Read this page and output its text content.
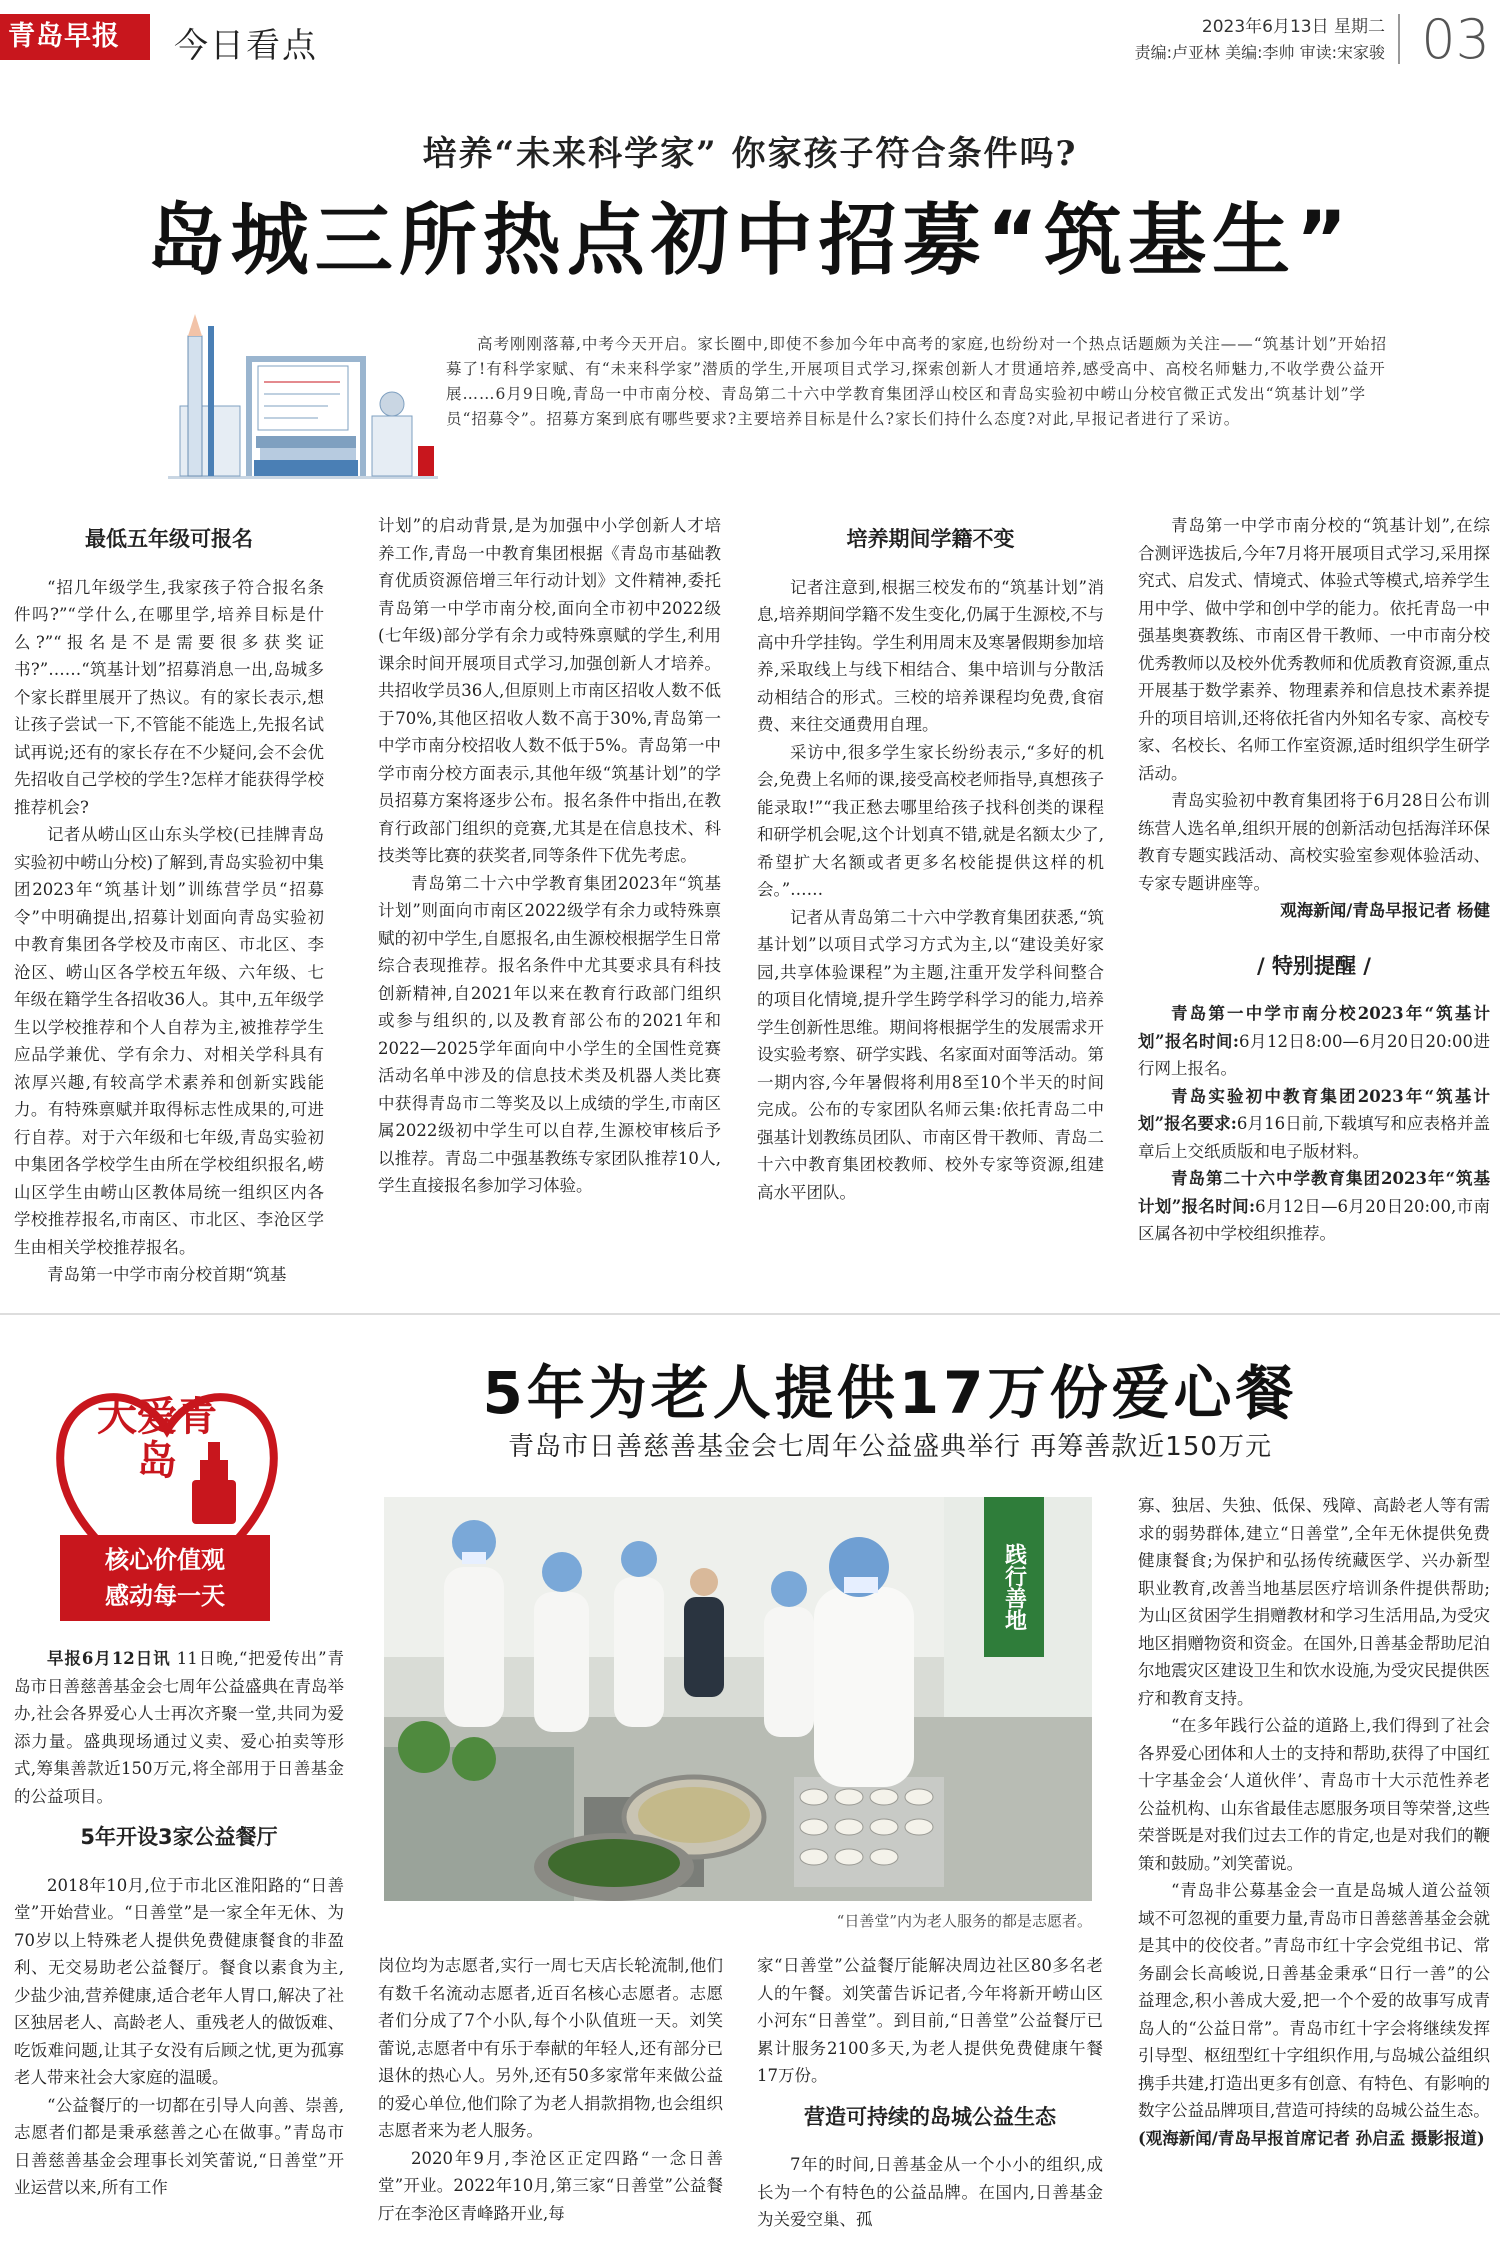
青岛早报	今日看点	2023年6月13日 星期二
责编:卢亚林 美编:李帅 审读:宋家骏 03
培养“未来科学家” 你家孩子符合条件吗?
岛城三所热点初中招募“筑基生”
高考刚刚落幕,中考今天开启。家长圈中,即使不参加今年中高考的家庭,也纷纷对一个热点话题颇为关注——“筑基计划”开始招募了!有科学家赋、有“未来科学家”潜质的学生,开展项目式学习,探索创新人才贯通培养,感受高中、高校名师魅力,不收学费公益开展……6月9日晚,青岛一中市南分校、青岛第二十六中学教育集团浮山校区和青岛实验初中崂山分校官微正式发出“筑基计划”学员“招募令”。招募方案到底有哪些要求?主要培养目标是什么?家长们持什么态度?对此,早报记者进行了采访。
最低五年级可报名

“招几年级学生,我家孩子符合报名条件吗?”“学什么,在哪里学,培养目标是什么?”“报名是不是需要很多获奖证书?”……“筑基计划”招募消息一出,岛城多个家长群里展开了热议。有的家长表示,想让孩子尝试一下,不管能不能选上,先报名试试再说;还有的家长存在不少疑问,会不会优先招收自己学校的学生?怎样才能获得学校推荐机会?

记者从崂山区山东头学校(已挂牌青岛实验初中崂山分校)了解到,青岛实验初中集团2023年“筑基计划”训练营学员“招募令”中明确提出,招募计划面向青岛实验初中教育集团各学校及市南区、市北区、李沧区、崂山区各学校五年级、六年级、七年级在籍学生各招收36人。其中,五年级学生以学校推荐和个人自荐为主,被推荐学生应品学兼优、学有余力、对相关学科具有浓厚兴趣,有较高学术素养和创新实践能力。有特殊禀赋并取得标志性成果的,可进行自荐。对于六年级和七年级,青岛实验初中集团各学校学生由所在学校组织报名,崂山区学生由崂山区教体局统一组织区内各学校推荐报名,市南区、市北区、李沧区学生由相关学校推荐报名。

青岛第一中学市南分校首期“筑基

计划”的启动背景,是为加强中小学创新人才培养工作,青岛一中教育集团根据《青岛市基础教育优质资源倍增三年行动计划》文件精神,委托青岛第一中学市南分校,面向全市初中2022级(七年级)部分学有余力或特殊禀赋的学生,利用课余时间开展项目式学习,加强创新人才培养。共招收学员36人,但原则上市南区招收人数不低于70%,其他区招收人数不高于30%,青岛第一中学市南分校招收人数不低于5%。青岛第一中学市南分校方面表示,其他年级“筑基计划”的学员招募方案将逐步公布。报名条件中指出,在教育行政部门组织的竞赛,尤其是在信息技术、科技类等比赛的获奖者,同等条件下优先考虑。

青岛第二十六中学教育集团2023年“筑基计划”则面向市南区2022级学有余力或特殊禀赋的初中学生,自愿报名,由生源校根据学生日常综合表现推荐。报名条件中尤其要求具有科技创新精神,自2021年以来在教育行政部门组织或参与组织的,以及教育部公布的2021年和2022—2025学年面向中小学生的全国性竞赛活动名单中涉及的信息技术类及机器人类比赛中获得青岛市二等奖及以上成绩的学生,市南区属2022级初中学生可以自荐,生源校审核后予以推荐。青岛二中强基教练专家团队推荐10人,学生直接报名参加学习体验。

培养期间学籍不变

记者注意到,根据三校发布的“筑基计划”消息,培养期间学籍不发生变化,仍属于生源校,不与高中升学挂钩。学生利用周末及寒暑假期参加培养,采取线上与线下相结合、集中培训与分散活动相结合的形式。三校的培养课程均免费,食宿费、来往交通费用自理。

采访中,很多学生家长纷纷表示,“多好的机会,免费上名师的课,接受高校老师指导,真想孩子能录取!”“我正愁去哪里给孩子找科创类的课程和研学机会呢,这个计划真不错,就是名额太少了,希望扩大名额或者更多名校能提供这样的机会。”……

记者从青岛第二十六中学教育集团获悉,“筑基计划”以项目式学习方式为主,以“建设美好家园,共享体验课程”为主题,注重开发学科间整合的项目化情境,提升学生跨学科学习的能力,培养学生创新性思维。期间将根据学生的发展需求开设实验考察、研学实践、名家面对面等活动。第一期内容,今年暑假将利用8至10个半天的时间完成。公布的专家团队名师云集:依托青岛二中强基计划教练员团队、市南区骨干教师、青岛二十六中教育集团校教师、校外专家等资源,组建高水平团队。

青岛第一中学市南分校的“筑基计划”,在综合测评选拔后,今年7月将开展项目式学习,采用探究式、启发式、情境式、体验式等模式,培养学生用中学、做中学和创中学的能力。依托青岛一中强基奥赛教练、市南区骨干教师、一中市南分校优秀教师以及校外优秀教师和优质教育资源,重点开展基于数学素养、物理素养和信息技术素养提升的项目培训,还将依托省内外知名专家、高校专家、名校长、名师工作室资源,适时组织学生研学活动。

青岛实验初中教育集团将于6月28日公布训练营人选名单,组织开展的创新活动包括海洋环保教育专题实践活动、高校实验室参观体验活动、专家专题讲座等。

观海新闻/青岛早报记者 杨健
/ 特别提醒 /

青岛第一中学市南分校2023年“筑基计划”报名时间:6月12日8:00—6月20日20:00进行网上报名。

青岛实验初中教育集团2023年“筑基计划”报名要求:6月16日前,下载填写和应表格并盖章后上交纸质版和电子版材料。

青岛第二十六中学教育集团2023年“筑基计划”报名时间:6月12日—6月20日20:00,市南区属各初中学校组织推荐。

大爱青岛
核心价值观
感动每一天
5年为老人提供17万份爱心餐
青岛市日善慈善基金会七周年公益盛典举行 再筹善款近150万元
践行善地
“日善堂”内为老人服务的都是志愿者。

早报6月12日讯 11日晚,“把爱传出”青岛市日善慈善基金会七周年公益盛典在青岛举办,社会各界爱心人士再次齐聚一堂,共同为爱添力量。盛典现场通过义卖、爱心拍卖等形式,筹集善款近150万元,将全部用于日善基金的公益项目。

5年开设3家公益餐厅

2018年10月,位于市北区淮阳路的“日善堂”开始营业。“日善堂”是一家全年无休、为70岁以上特殊老人提供免费健康餐食的非盈利、无交易助老公益餐厅。餐食以素食为主,少盐少油,营养健康,适合老年人胃口,解决了社区独居老人、高龄老人、重残老人的做饭难、吃饭难问题,让其子女没有后顾之忧,更为孤寡老人带来社会大家庭的温暖。

“公益餐厅的一切都在引导人向善、崇善,志愿者们都是秉承慈善之心在做事。”青岛市日善慈善基金会理事长刘笑蕾说,“日善堂”开业运营以来,所有工作

岗位均为志愿者,实行一周七天店长轮流制,他们有数千名流动志愿者,近百名核心志愿者。志愿者们分成了7个小队,每个小队值班一天。刘笑蕾说,志愿者中有乐于奉献的年轻人,还有部分已退休的热心人。另外,还有50多家常年来做公益的爱心单位,他们除了为老人捐款捐物,也会组织志愿者来为老人服务。

2020年9月,李沧区正定四路“一念日善堂”开业。2022年10月,第三家“日善堂”公益餐厅在李沧区青峰路开业,每

家“日善堂”公益餐厅能解决周边社区80多名老人的午餐。刘笑蕾告诉记者,今年将新开崂山区小河东“日善堂”。到目前,“日善堂”公益餐厅已累计服务2100多天,为老人提供免费健康午餐17万份。

营造可持续的岛城公益生态

7年的时间,日善基金从一个小小的组织,成长为一个有特色的公益品牌。在国内,日善基金为关爱空巢、孤

寡、独居、失独、低保、残障、高龄老人等有需求的弱势群体,建立“日善堂”,全年无休提供免费健康餐食;为保护和弘扬传统藏医学、兴办新型职业教育,改善当地基层医疗培训条件提供帮助;为山区贫困学生捐赠教材和学习生活用品,为受灾地区捐赠物资和资金。在国外,日善基金帮助尼泊尔地震灾区建设卫生和饮水设施,为受灾民提供医疗和教育支持。

“在多年践行公益的道路上,我们得到了社会各界爱心团体和人士的支持和帮助,获得了中国红十字基金会‘人道伙伴’、青岛市十大示范性养老公益机构、山东省最佳志愿服务项目等荣誉,这些荣誉既是对我们过去工作的肯定,也是对我们的鞭策和鼓励。”刘笑蕾说。

“青岛非公募基金会一直是岛城人道公益领域不可忽视的重要力量,青岛市日善慈善基金会就是其中的佼佼者。”青岛市红十字会党组书记、常务副会长高峻说,日善基金秉承“日行一善”的公益理念,积小善成大爱,把一个个爱的故事写成青岛人的“公益日常”。青岛市红十字会将继续发挥引导型、枢纽型红十字组织作用,与岛城公益组织携手共建,打造出更多有创意、有特色、有影响的数字公益品牌项目,营造可持续的岛城公益生态。

(观海新闻/青岛早报首席记者 孙启孟 摄影报道)
